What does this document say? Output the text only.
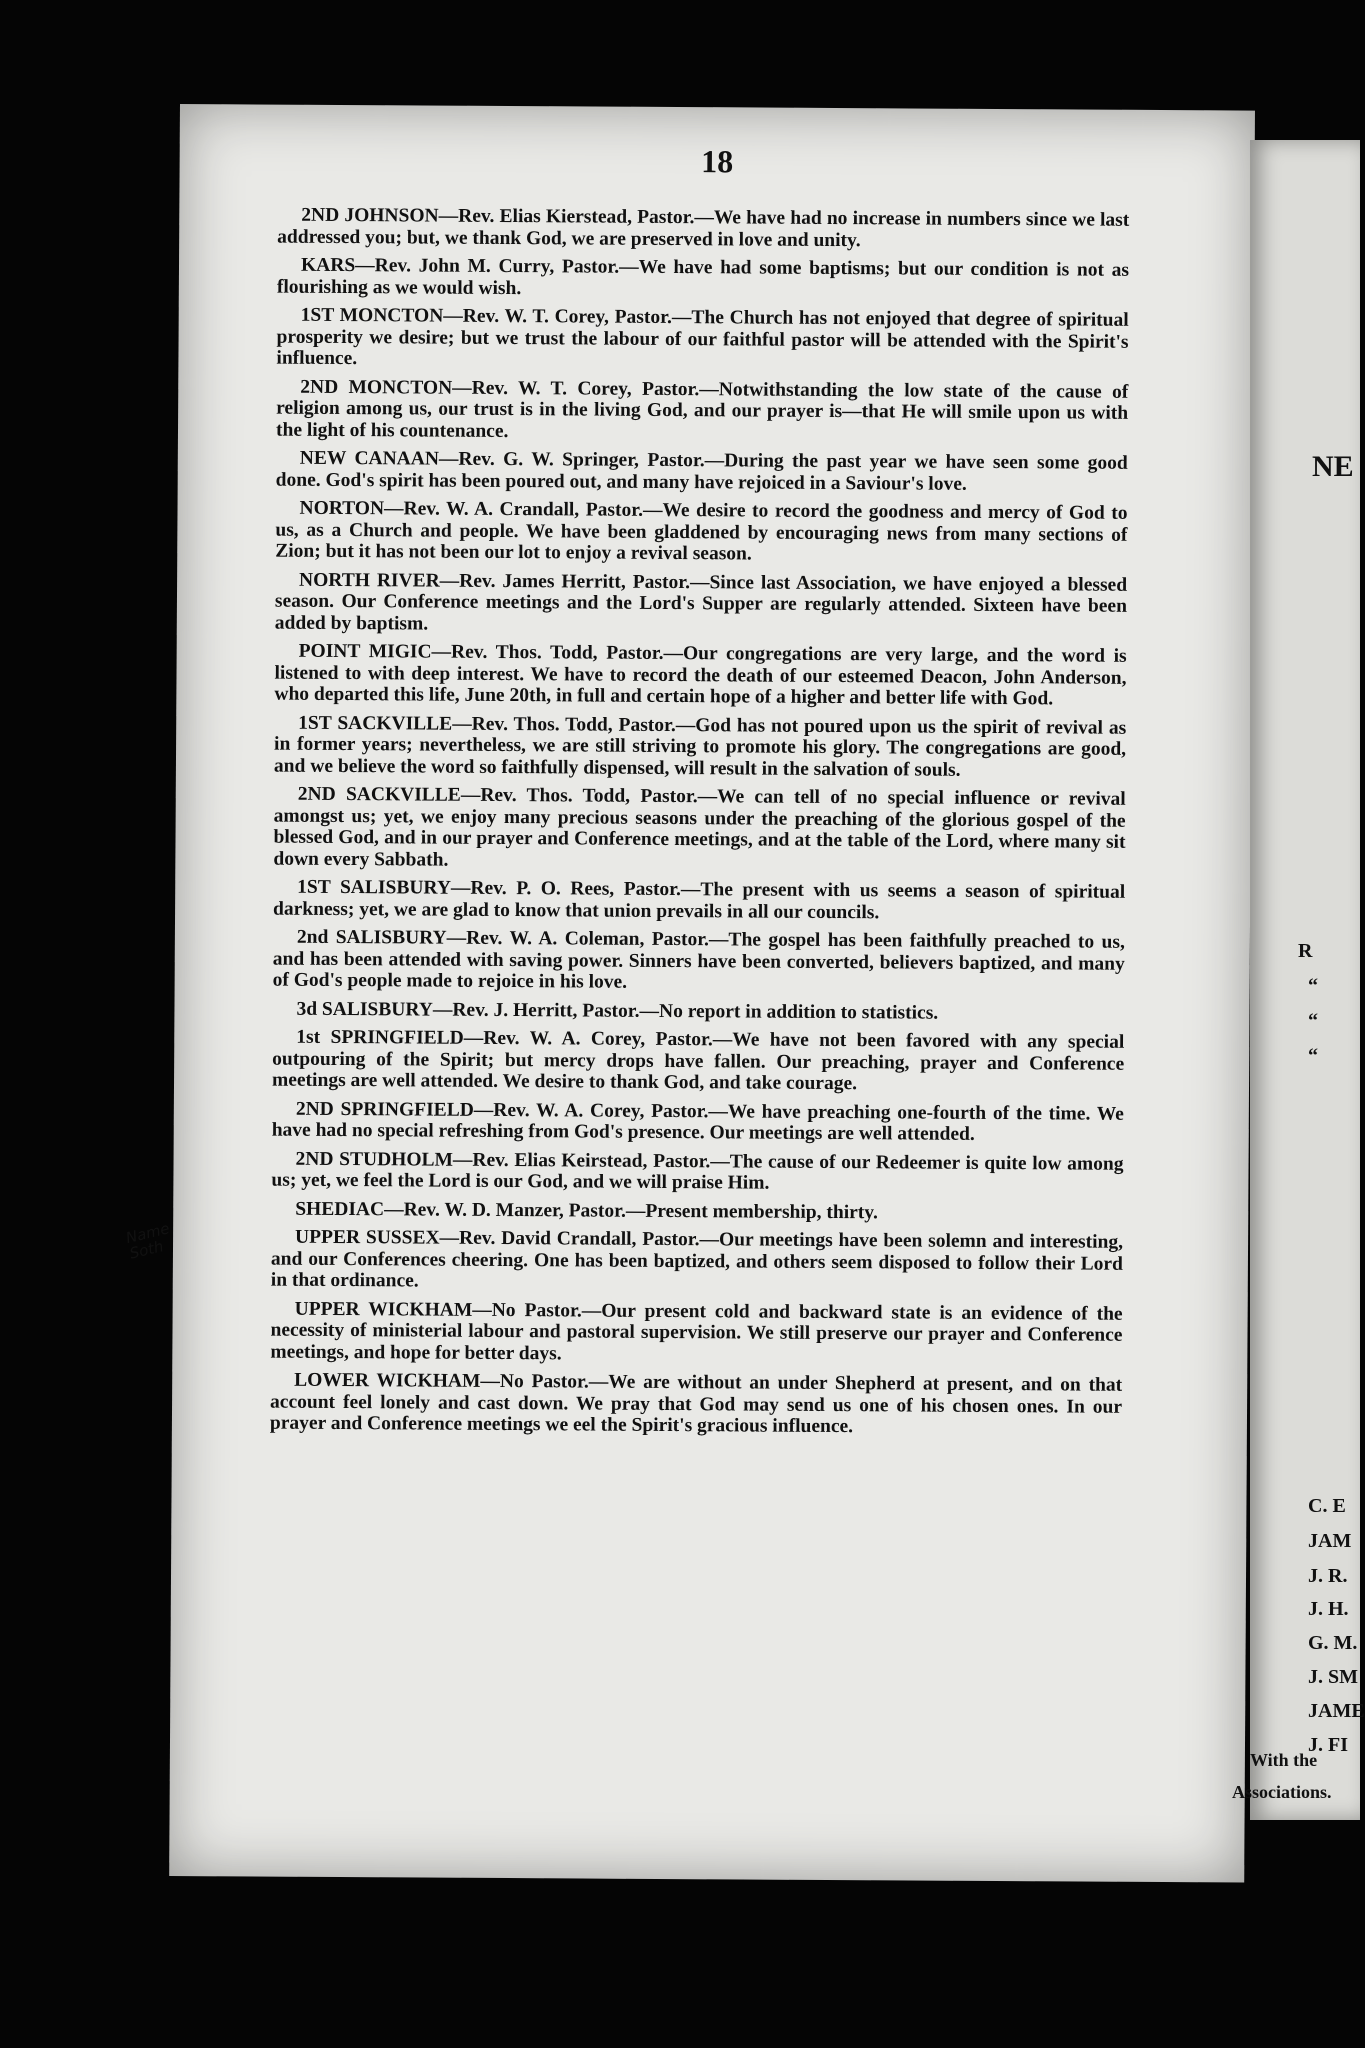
18
Name Soth

2ND JOHNSON—Rev. Elias Kierstead, Pastor.—We have had no increase in numbers since we last addressed you; but, we thank God, we are preserved in love and unity.

KARS—Rev. John M. Curry, Pastor.—We have had some baptisms; but our condition is not as flourishing as we would wish.

1ST MONCTON—Rev. W. T. Corey, Pastor.—The Church has not enjoyed that degree of spiritual prosperity we desire; but we trust the labour of our faithful pastor will be attended with the Spirit's influence.

2ND MONCTON—Rev. W. T. Corey, Pastor.—Notwithstanding the low state of the cause of religion among us, our trust is in the living God, and our prayer is—that He will smile upon us with the light of his countenance.

NEW CANAAN—Rev. G. W. Springer, Pastor.—During the past year we have seen some good done. God's spirit has been poured out, and many have rejoiced in a Saviour's love.

NORTON—Rev. W. A. Crandall, Pastor.—We desire to record the goodness and mercy of God to us, as a Church and people. We have been gladdened by encouraging news from many sections of Zion; but it has not been our lot to enjoy a revival season.

NORTH RIVER—Rev. James Herritt, Pastor.—Since last Association, we have enjoyed a blessed season. Our Conference meetings and the Lord's Supper are regularly attended. Sixteen have been added by baptism.

POINT MIGIC—Rev. Thos. Todd, Pastor.—Our congregations are very large, and the word is listened to with deep interest. We have to record the death of our esteemed Deacon, John Anderson, who departed this life, June 20th, in full and certain hope of a higher and better life with God.

1ST SACKVILLE—Rev. Thos. Todd, Pastor.—God has not poured upon us the spirit of revival as in former years; nevertheless, we are still striving to promote his glory. The congregations are good, and we believe the word so faithfully dispensed, will result in the salvation of souls.

2ND SACKVILLE—Rev. Thos. Todd, Pastor.—We can tell of no special influence or revival amongst us; yet, we enjoy many precious seasons under the preaching of the glorious gospel of the blessed God, and in our prayer and Conference meetings, and at the table of the Lord, where many sit down every Sabbath.

1ST SALISBURY—Rev. P. O. Rees, Pastor.—The present with us seems a season of spiritual darkness; yet, we are glad to know that union prevails in all our councils.

2nd SALISBURY—Rev. W. A. Coleman, Pastor.—The gospel has been faithfully preached to us, and has been attended with saving power. Sinners have been converted, believers baptized, and many of God's people made to rejoice in his love.

3d SALISBURY—Rev. J. Herritt, Pastor.—No report in addition to statistics.

1st SPRINGFIELD—Rev. W. A. Corey, Pastor.—We have not been favored with any special outpouring of the Spirit; but mercy drops have fallen. Our preaching, prayer and Conference meetings are well attended. We desire to thank God, and take courage.

2ND SPRINGFIELD—Rev. W. A. Corey, Pastor.—We have preaching one-fourth of the time. We have had no special refreshing from God's presence. Our meetings are well attended.

2ND STUDHOLM—Rev. Elias Keirstead, Pastor.—The cause of our Redeemer is quite low among us; yet, we feel the Lord is our God, and we will praise Him.

SHEDIAC—Rev. W. D. Manzer, Pastor.—Present membership, thirty.

UPPER SUSSEX—Rev. David Crandall, Pastor.—Our meetings have been solemn and interesting, and our Conferences cheering. One has been baptized, and others seem disposed to follow their Lord in that ordinance.

UPPER WICKHAM—No Pastor.—Our present cold and backward state is an evidence of the necessity of ministerial labour and pastoral supervision. We still preserve our prayer and Conference meetings, and hope for better days.

LOWER WICKHAM—No Pastor.—We are without an under Shepherd at present, and on that account feel lonely and cast down. We pray that God may send us one of his chosen ones. In our prayer and Conference meetings we eel the Spirit's gracious influence.

NE
R
“
“
“
C. E
JAM
J. R.
J. H.
G. M.
J. SM
JAME
J. FI
With the
Associations.
